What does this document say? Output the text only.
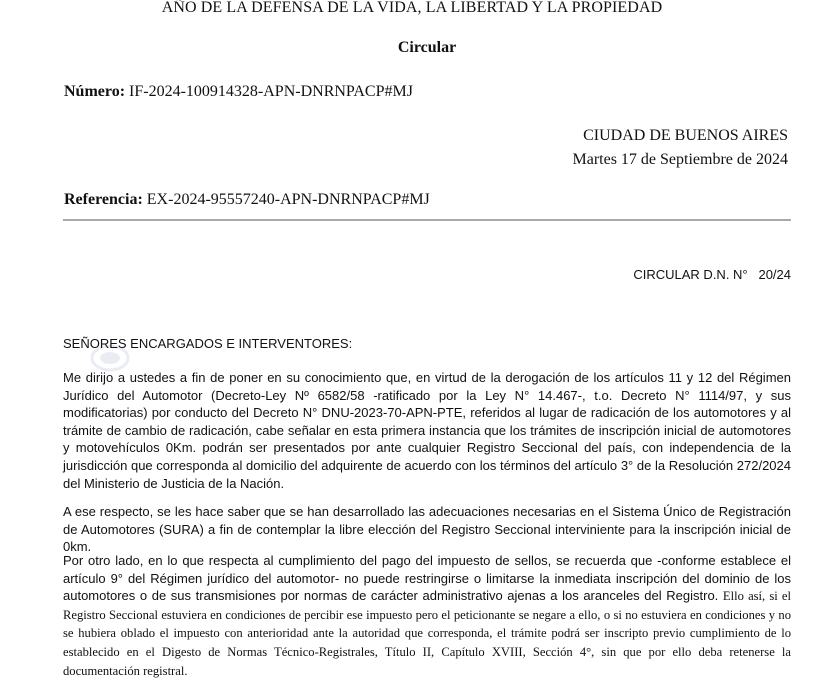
AÑO DE LA DEFENSA DE LA VIDA, LA LIBERTAD Y LA PROPIEDAD
Circular
Número: IF-2024-100914328-APN-DNRNPACP#MJ
CIUDAD DE BUENOS AIRES
Martes 17 de Septiembre de 2024
Referencia: EX-2024-95557240-APN-DNRNPACP#MJ
CIRCULAR D.N. N°   20/24
SEÑORES ENCARGADOS E INTERVENTORES:

Me dirijo a ustedes a fin de poner en su conocimiento que, en virtud de la derogación de los artículos 11 y 12 del Régimen Jurídico del Automotor (Decreto-Ley Nº 6582/58 -ratificado por la Ley N° 14.467-, t.o. Decreto N° 1114/97, y sus modificatorias) por conducto del Decreto N° DNU-2023-70-APN-PTE, referidos al lugar de radicación de los automotores y al trámite de cambio de radicación, cabe señalar en esta primera instancia que los trámites de inscripción inicial de automotores y motovehículos 0Km. podrán ser presentados por ante cualquier Registro Seccional del país, con independencia de la jurisdicción que corresponda al domicilio del adquirente de acuerdo con los términos del artículo 3° de la Resolución 272/2024 del Ministerio de Justicia de la Nación.

A ese respecto, se les hace saber que se han desarrollado las adecuaciones necesarias en el Sistema Único de Registración de Automotores (SURA) a fin de contemplar la libre elección del Registro Seccional interviniente para la inscripción inicial de 0km.

Por otro lado, en lo que respecta al cumplimiento del pago del impuesto de sellos, se recuerda que -conforme establece el artículo 9° del Régimen jurídico del automotor- no puede restringirse o limitarse la inmediata inscripción del dominio de los automotores o de sus transmisiones por normas de carácter administrativo ajenas a los aranceles del Registro. Ello así, si el Registro Seccional estuviera en condiciones de percibir ese impuesto pero el peticionante se negare a ello, o si no estuviera en condiciones y no se hubiera oblado el impuesto con anterioridad ante la autoridad que corresponda, el trámite podrá ser inscripto previo cumplimiento de lo establecido en el Digesto de Normas Técnico-Registrales, Título II, Capítulo XVIII, Sección 4°, sin que por ello deba retenerse la documentación registral.
